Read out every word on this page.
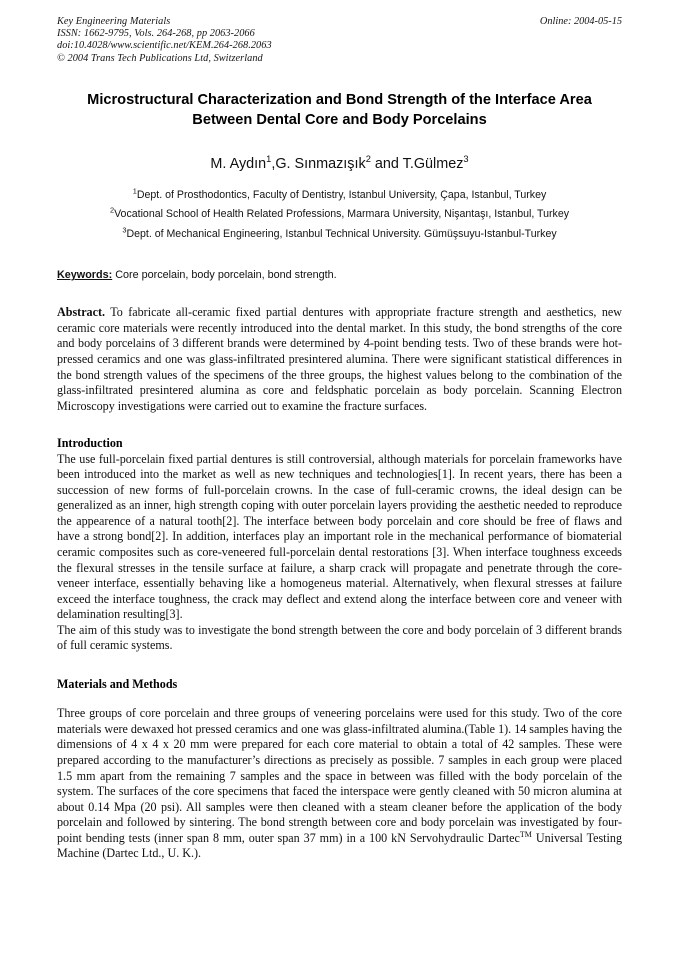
Key Engineering Materials
ISSN: 1662-9795, Vols. 264-268, pp 2063-2066
doi:10.4028/www.scientific.net/KEM.264-268.2063
© 2004 Trans Tech Publications Ltd, Switzerland
Online: 2004-05-15
Microstructural Characterization and Bond Strength of the Interface Area Between Dental Core and Body Porcelains
M. Aydın$^1$,G. Sınmazışık$^2$ and T.Gülmez$^3$
$^1$Dept. of Prosthodontics, Faculty of Dentistry, Istanbul University, Çapa, Istanbul, Turkey
$^2$Vocational School of Health Related Professions, Marmara University, Nişantaşı, Istanbul, Turkey
$^3$Dept. of Mechanical Engineering, Istanbul Technical University. Gümüşsuyu-Istanbul-Turkey
Keywords: Core porcelain, body porcelain, bond strength.

Abstract. To fabricate all-ceramic fixed partial dentures with appropriate fracture strength and aesthetics, new ceramic core materials were recently introduced into the dental market. In this study, the bond strengths of the core and body porcelains of 3 different brands were determined by 4-point bending tests. Two of these brands were hot-pressed ceramics and one was glass-infiltrated presintered alumina. There were significant statistical differences in the bond strength values of the specimens of the three groups, the highest values belong to the combination of the glass-infiltrated presintered alumina as core and feldsphatic porcelain as body porcelain. Scanning Electron Microscopy investigations were carried out to examine the fracture surfaces.

Introduction

The use full-porcelain fixed partial dentures is still controversial, although materials for porcelain frameworks have been introduced into the market as well as new techniques and technologies[1]. In recent years, there has been a succession of new forms of full-porcelain crowns. In the case of full-ceramic crowns, the ideal design can be generalized as an inner, high strength coping with outer porcelain layers providing the aesthetic needed to reproduce the appearence of a natural tooth[2]. The interface between body porcelain and core should be free of flaws and have a strong bond[2]. In addition, interfaces play an important role in the mechanical performance of biomaterial ceramic composites such as core-veneered full-porcelain dental restorations [3]. When interface toughness exceeds the flexural stresses in the tensile surface at failure, a sharp crack will propagate and penetrate through the core-veneer interface, essentially behaving like a homogeneus material. Alternatively, when flexural stresses at failure exceed the interface toughness, the crack may deflect and extend along the interface between core and veneer with delamination resulting[3].

The aim of this study was to investigate the bond strength between the core and body porcelain of 3 different brands of full ceramic systems.

Materials and Methods

Three groups of core porcelain and three groups of veneering porcelains were used for this study. Two of the core materials were dewaxed hot pressed ceramics and one was glass-infiltrated alumina.(Table 1). 14 samples having the dimensions of 4 x 4 x 20 mm were prepared for each core material to obtain a total of 42 samples. These were prepared according to the manufacturer’s directions as precisely as possible. 7 samples in each group were placed 1.5 mm apart from the remaining 7 samples and the space in between was filled with the body porcelain of the system. The surfaces of the core specimens that faced the interspace were gently cleaned with 50 micron alumina at about 0.14 Mpa (20 psi). All samples were then cleaned with a steam cleaner before the application of the body porcelain and followed by sintering. The bond strength between core and body porcelain was investigated by four-point bending tests (inner span 8 mm, outer span 37 mm) in a 100 kN Servohydraulic Dartec™ Universal Testing Machine (Dartec Ltd., U. K.).
